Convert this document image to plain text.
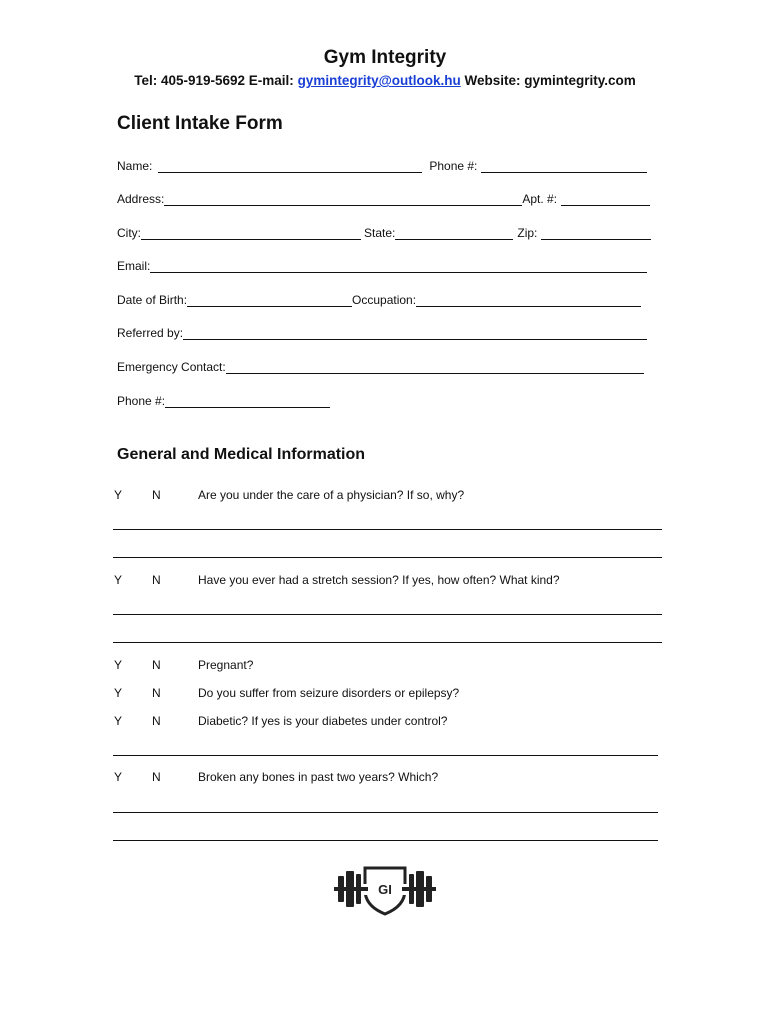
Gym Integrity
Tel: 405-919-5692 E-mail: gymintegrity@outlook.hu Website: gymintegrity.com
Client Intake Form
Name:	Phone #:
Address:	Apt. #:
City:	State:	Zip:
Email:
Date of Birth:	Occupation:
Referred by:
Emergency Contact:
Phone #:
General and Medical Information
Y N	Are you under the care of a physician? If so, why?
Y N	Have you ever had a stretch session? If yes, how often? What kind?
Y N	Pregnant?
Y N	Do you suffer from seizure disorders or epilepsy?
Y N	Diabetic? If yes is your diabetes under control?
Y N	Broken any bones in past two years? Which?
GI
